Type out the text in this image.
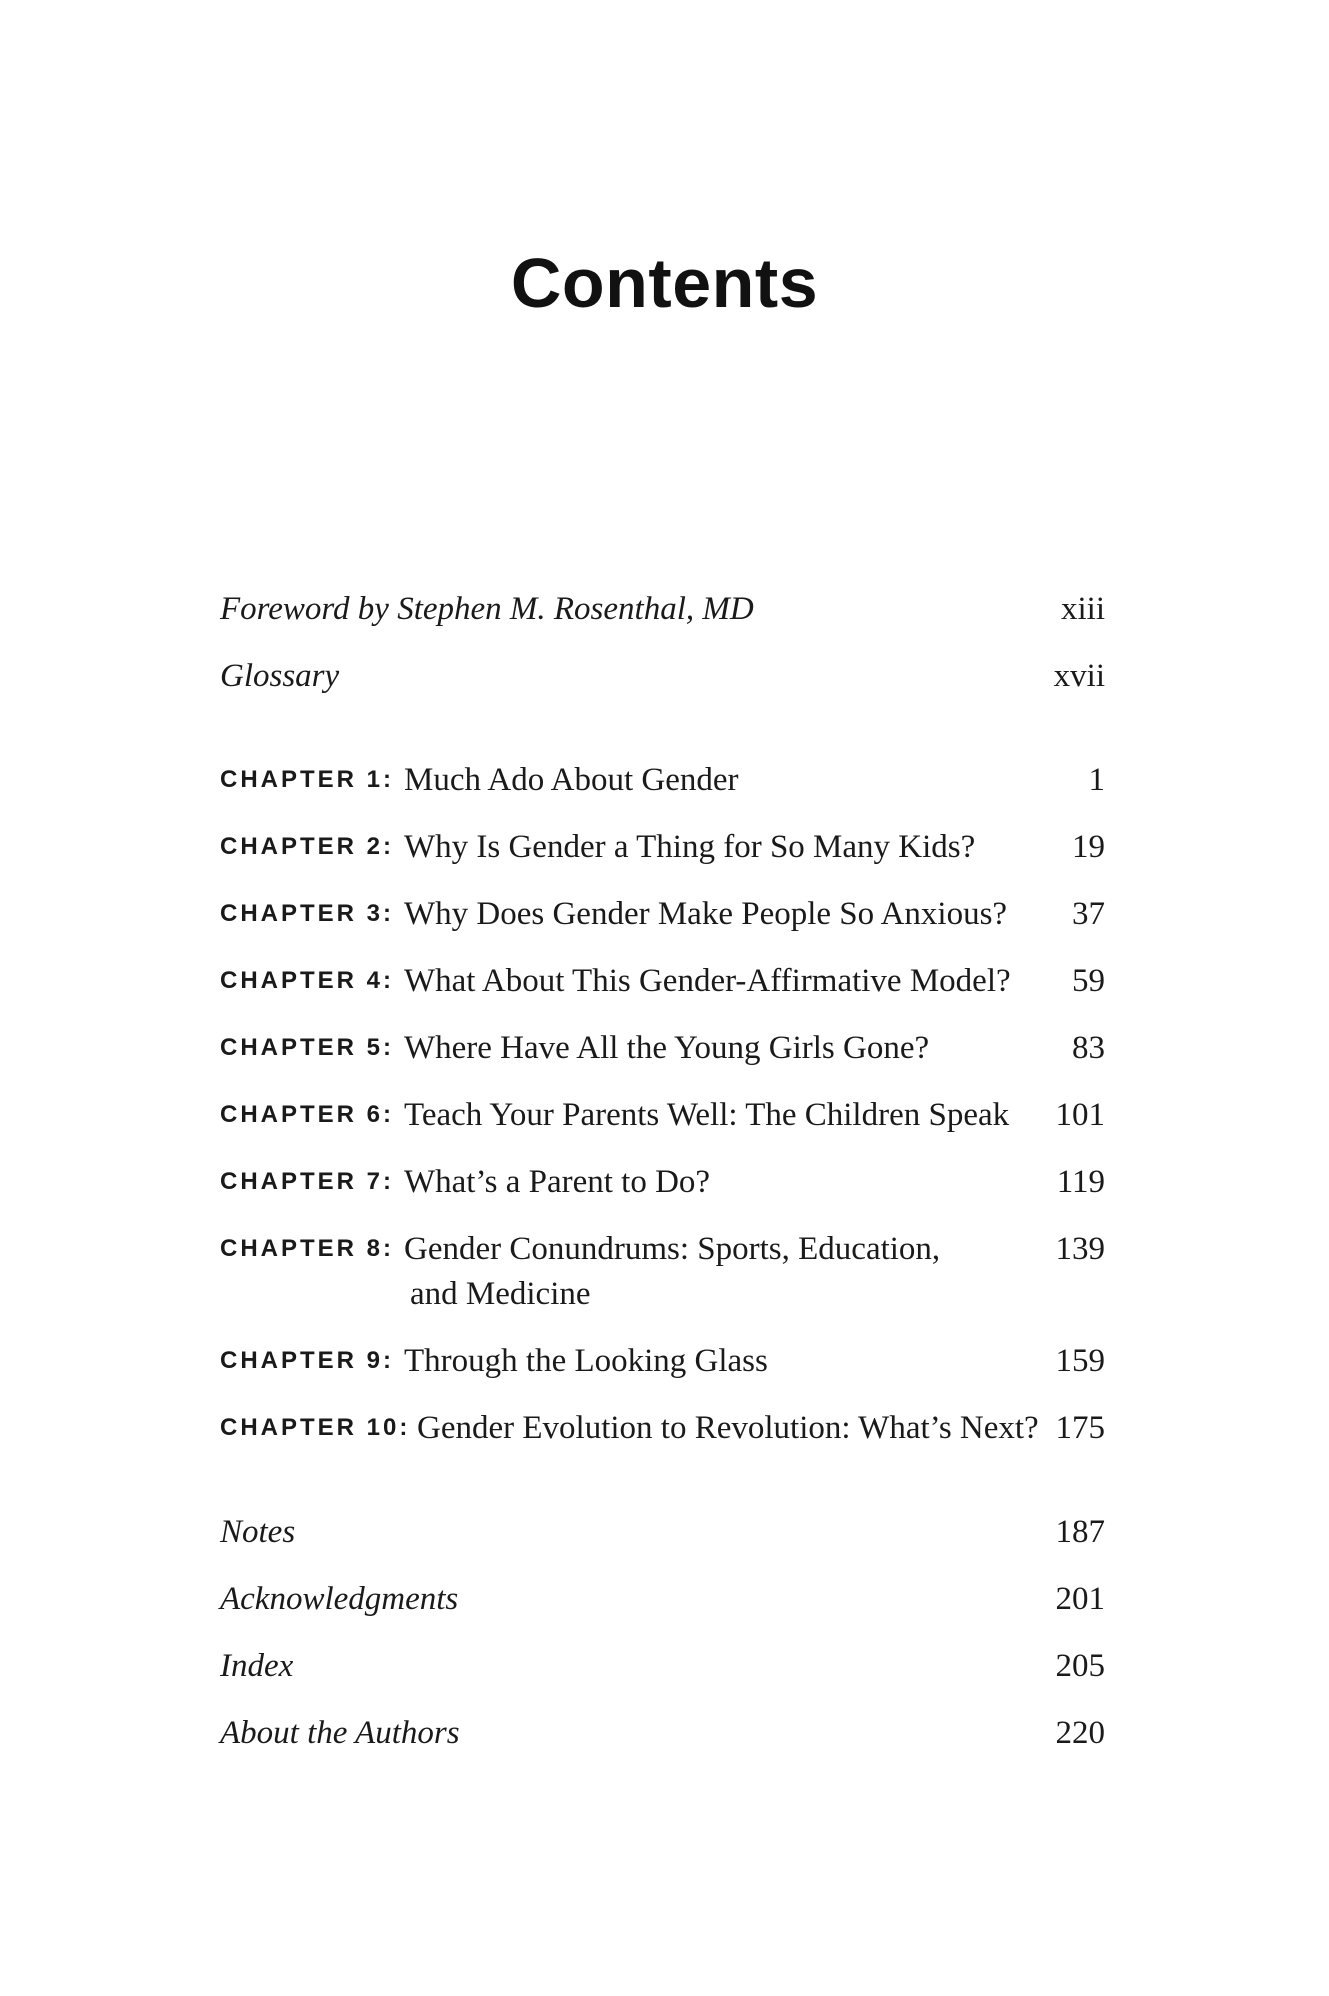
Contents
Foreword by Stephen M. Rosenthal, MD	xiii
Glossary	xvii
CHAPTER 1: Much Ado About Gender	1
CHAPTER 2: Why Is Gender a Thing for So Many Kids?	19
CHAPTER 3: Why Does Gender Make People So Anxious? 37
CHAPTER 4: What About This Gender-Affirmative Model? 59
CHAPTER 5: Where Have All the Young Girls Gone?	83
CHAPTER 6: Teach Your Parents Well: The Children Speak 101
CHAPTER 7: What’s a Parent to Do?	119
CHAPTER 8: Gender Conundrums: Sports, Education,
and Medicine
139
CHAPTER 9: Through the Looking Glass	159
CHAPTER 10: Gender Evolution to Revolution: What’s Next? 175
Notes	187
Acknowledgments	201
Index	205
About the Authors	220
